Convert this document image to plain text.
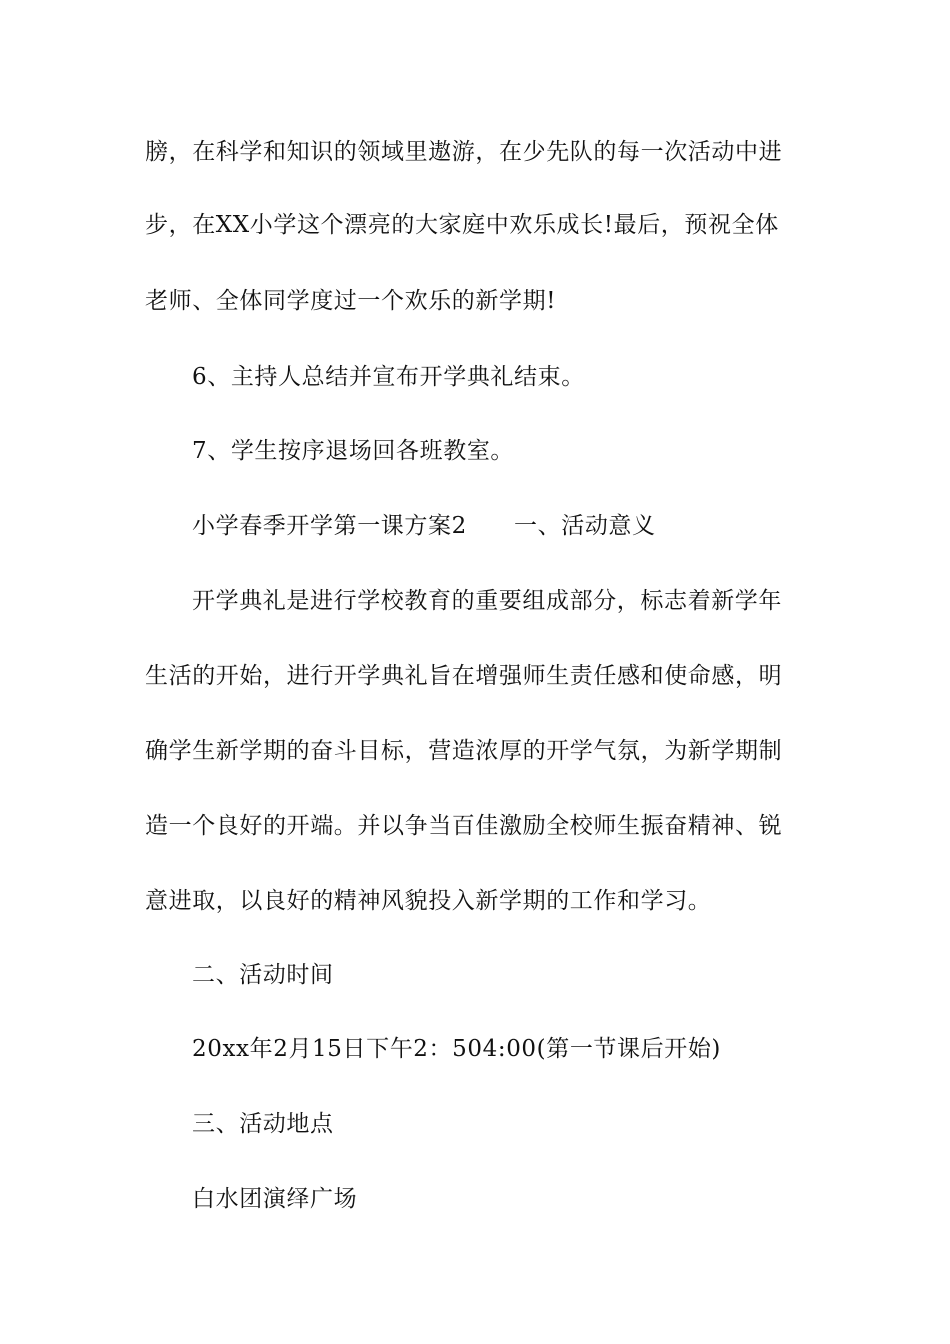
膀，在科学和知识的领域里遨游，在少先队的每一次活动中进
步，在XX小学这个漂亮的大家庭中欢乐成长!最后，预祝全体
老师、全体同学度过一个欢乐的新学期!
6、主持人总结并宣布开学典礼结束。
7、学生按序退场回各班教室。
小学春季开学第一课方案2　　一、活动意义
开学典礼是进行学校教育的重要组成部分，标志着新学年
生活的开始，进行开学典礼旨在增强师生责任感和使命感，明
确学生新学期的奋斗目标，营造浓厚的开学气氛，为新学期制
造一个良好的开端。并以争当百佳激励全校师生振奋精神、锐
意进取，以良好的精神风貌投入新学期的工作和学习。
二、活动时间
20xx年2月15日下午2：504:00(第一节课后开始)
三、活动地点
白水团演绎广场
